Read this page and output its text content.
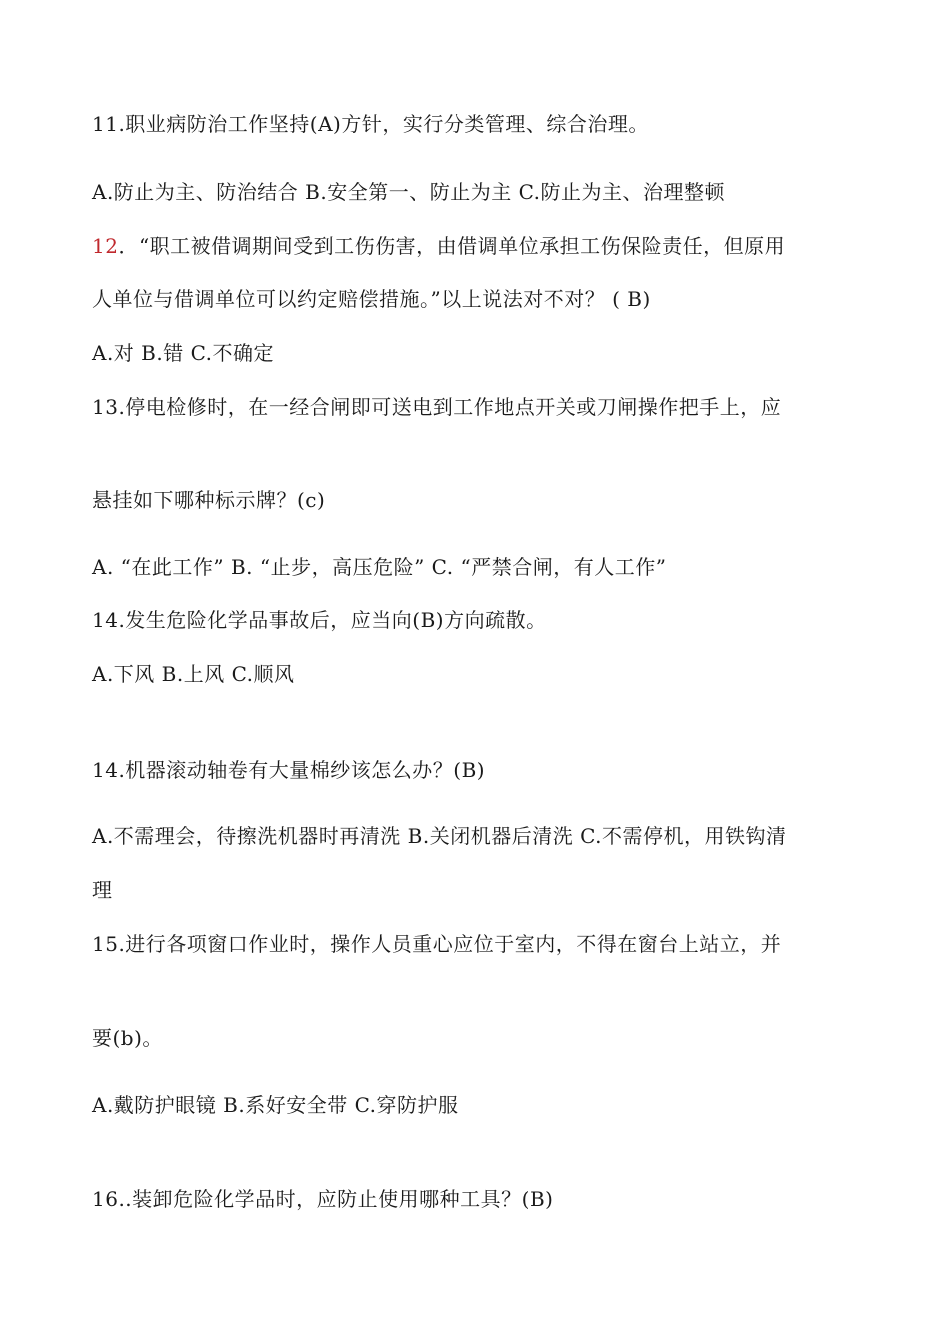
11.职业病防治工作坚持(A)方针，实行分类管理、综合治理。
A.防止为主、防治结合 B.安全第一、防止为主 C.防止为主、治理整顿
12．“职工被借调期间受到工伤伤害，由借调单位承担工伤保险责任，但原用
人单位与借调单位可以约定赔偿措施。”以上说法对不对？ ( B)
A.对 B.错 C.不确定
13.停电检修时，在一经合闸即可送电到工作地点开关或刀闸操作把手上，应
悬挂如下哪种标示牌？(c)
A. “在此工作” B. “止步，高压危险” C. “严禁合闸，有人工作”
14.发生危险化学品事故后，应当向(B)方向疏散。
A.下风 B.上风 C.顺风
14.机器滚动轴卷有大量棉纱该怎么办？(B)
A.不需理会，待擦洗机器时再清洗 B.关闭机器后清洗 C.不需停机，用铁钩清
理
15.进行各项窗口作业时，操作人员重心应位于室内，不得在窗台上站立，并
要(b)。
A.戴防护眼镜 B.系好安全带 C.穿防护服
16..装卸危险化学品时，应防止使用哪种工具？(B)
